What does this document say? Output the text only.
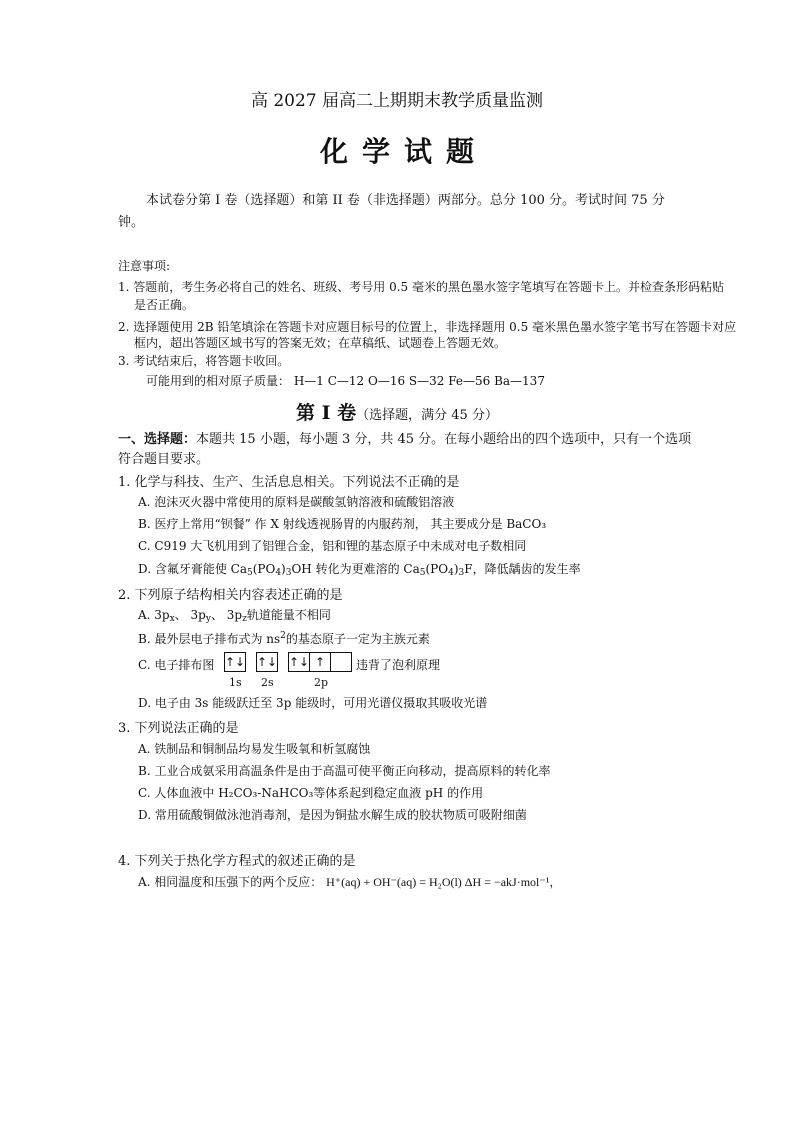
高 2027 届高二上期期末教学质量监测
化学试题
本试卷分第 I 卷（选择题）和第 II 卷（非选择题）两部分。总分 100 分。考试时间 75 分钟。
注意事项:
1. 答题前，考生务必将自己的姓名、班级、考号用 0.5 毫米的黑色墨水签字笔填写在答题卡上。并检查条形码粘贴
是否正确。
2. 选择题使用 2B 铅笔填涂在答题卡对应题目标号的位置上，非选择题用 0.5 毫米黑色墨水签字笔书写在答题卡对应
框内，超出答题区域书写的答案无效；在草稿纸、试题卷上答题无效。
3. 考试结束后，将答题卡收回。
可能用到的相对原子质量： H—1 C—12 O—16 S—32 Fe—56 Ba—137
第 I 卷（选择题，满分 45 分）
一、选择题：本题共 15 小题，每小题 3 分，共 45 分。在每小题给出的四个选项中，只有一个选项
符合题目要求。
1. 化学与科技、生产、生活息息相关。下列说法不正确的是
A. 泡沫灭火器中常使用的原料是碳酸氢钠溶液和硫酸铝溶液
B. 医疗上常用“钡餐” 作 X 射线透视肠胃的内服药剂， 其主要成分是 BaCO₃
C. C919 大飞机用到了铝锂合金，铝和锂的基态原子中未成对电子数相同
D. 含氟牙膏能使 $Ca_5(PO_4)_3OH$ 转化为更难溶的 $Ca_5(PO_4)_3F$，降低龋齿的发生率
2. 下列原子结构相关内容表述正确的是
A. $3p_x$、 $3p_y$、 $3p_z$轨道能量不相同
B. 最外层电子排布式为 $ns^2$的基态原子一定为主族元素
C. 电子排布图 ↑↓ ↑↓ ↑↓ ↑
1s 2s	2p
违背了泡利原理
D. 电子由 3s 能级跃迁至 3p 能级时，可用光谱仪摄取其吸收光谱
3. 下列说法正确的是
A. 铁制品和铜制品均易发生吸氧和析氢腐蚀
B. 工业合成氨采用高温条件是由于高温可使平衡正向移动，提高原料的转化率
C. 人体血液中 H₂CO₃-NaHCO₃等体系起到稳定血液 pH 的作用
D. 常用硫酸铜做泳池消毒剂，是因为铜盐水解生成的胶状物质可吸附细菌
4. 下列关于热化学方程式的叙述正确的是
A. 相同温度和压强下的两个反应： H⁺(aq) + OH⁻(aq) = H₂O(l) ΔH = −akJ·mol⁻¹，
